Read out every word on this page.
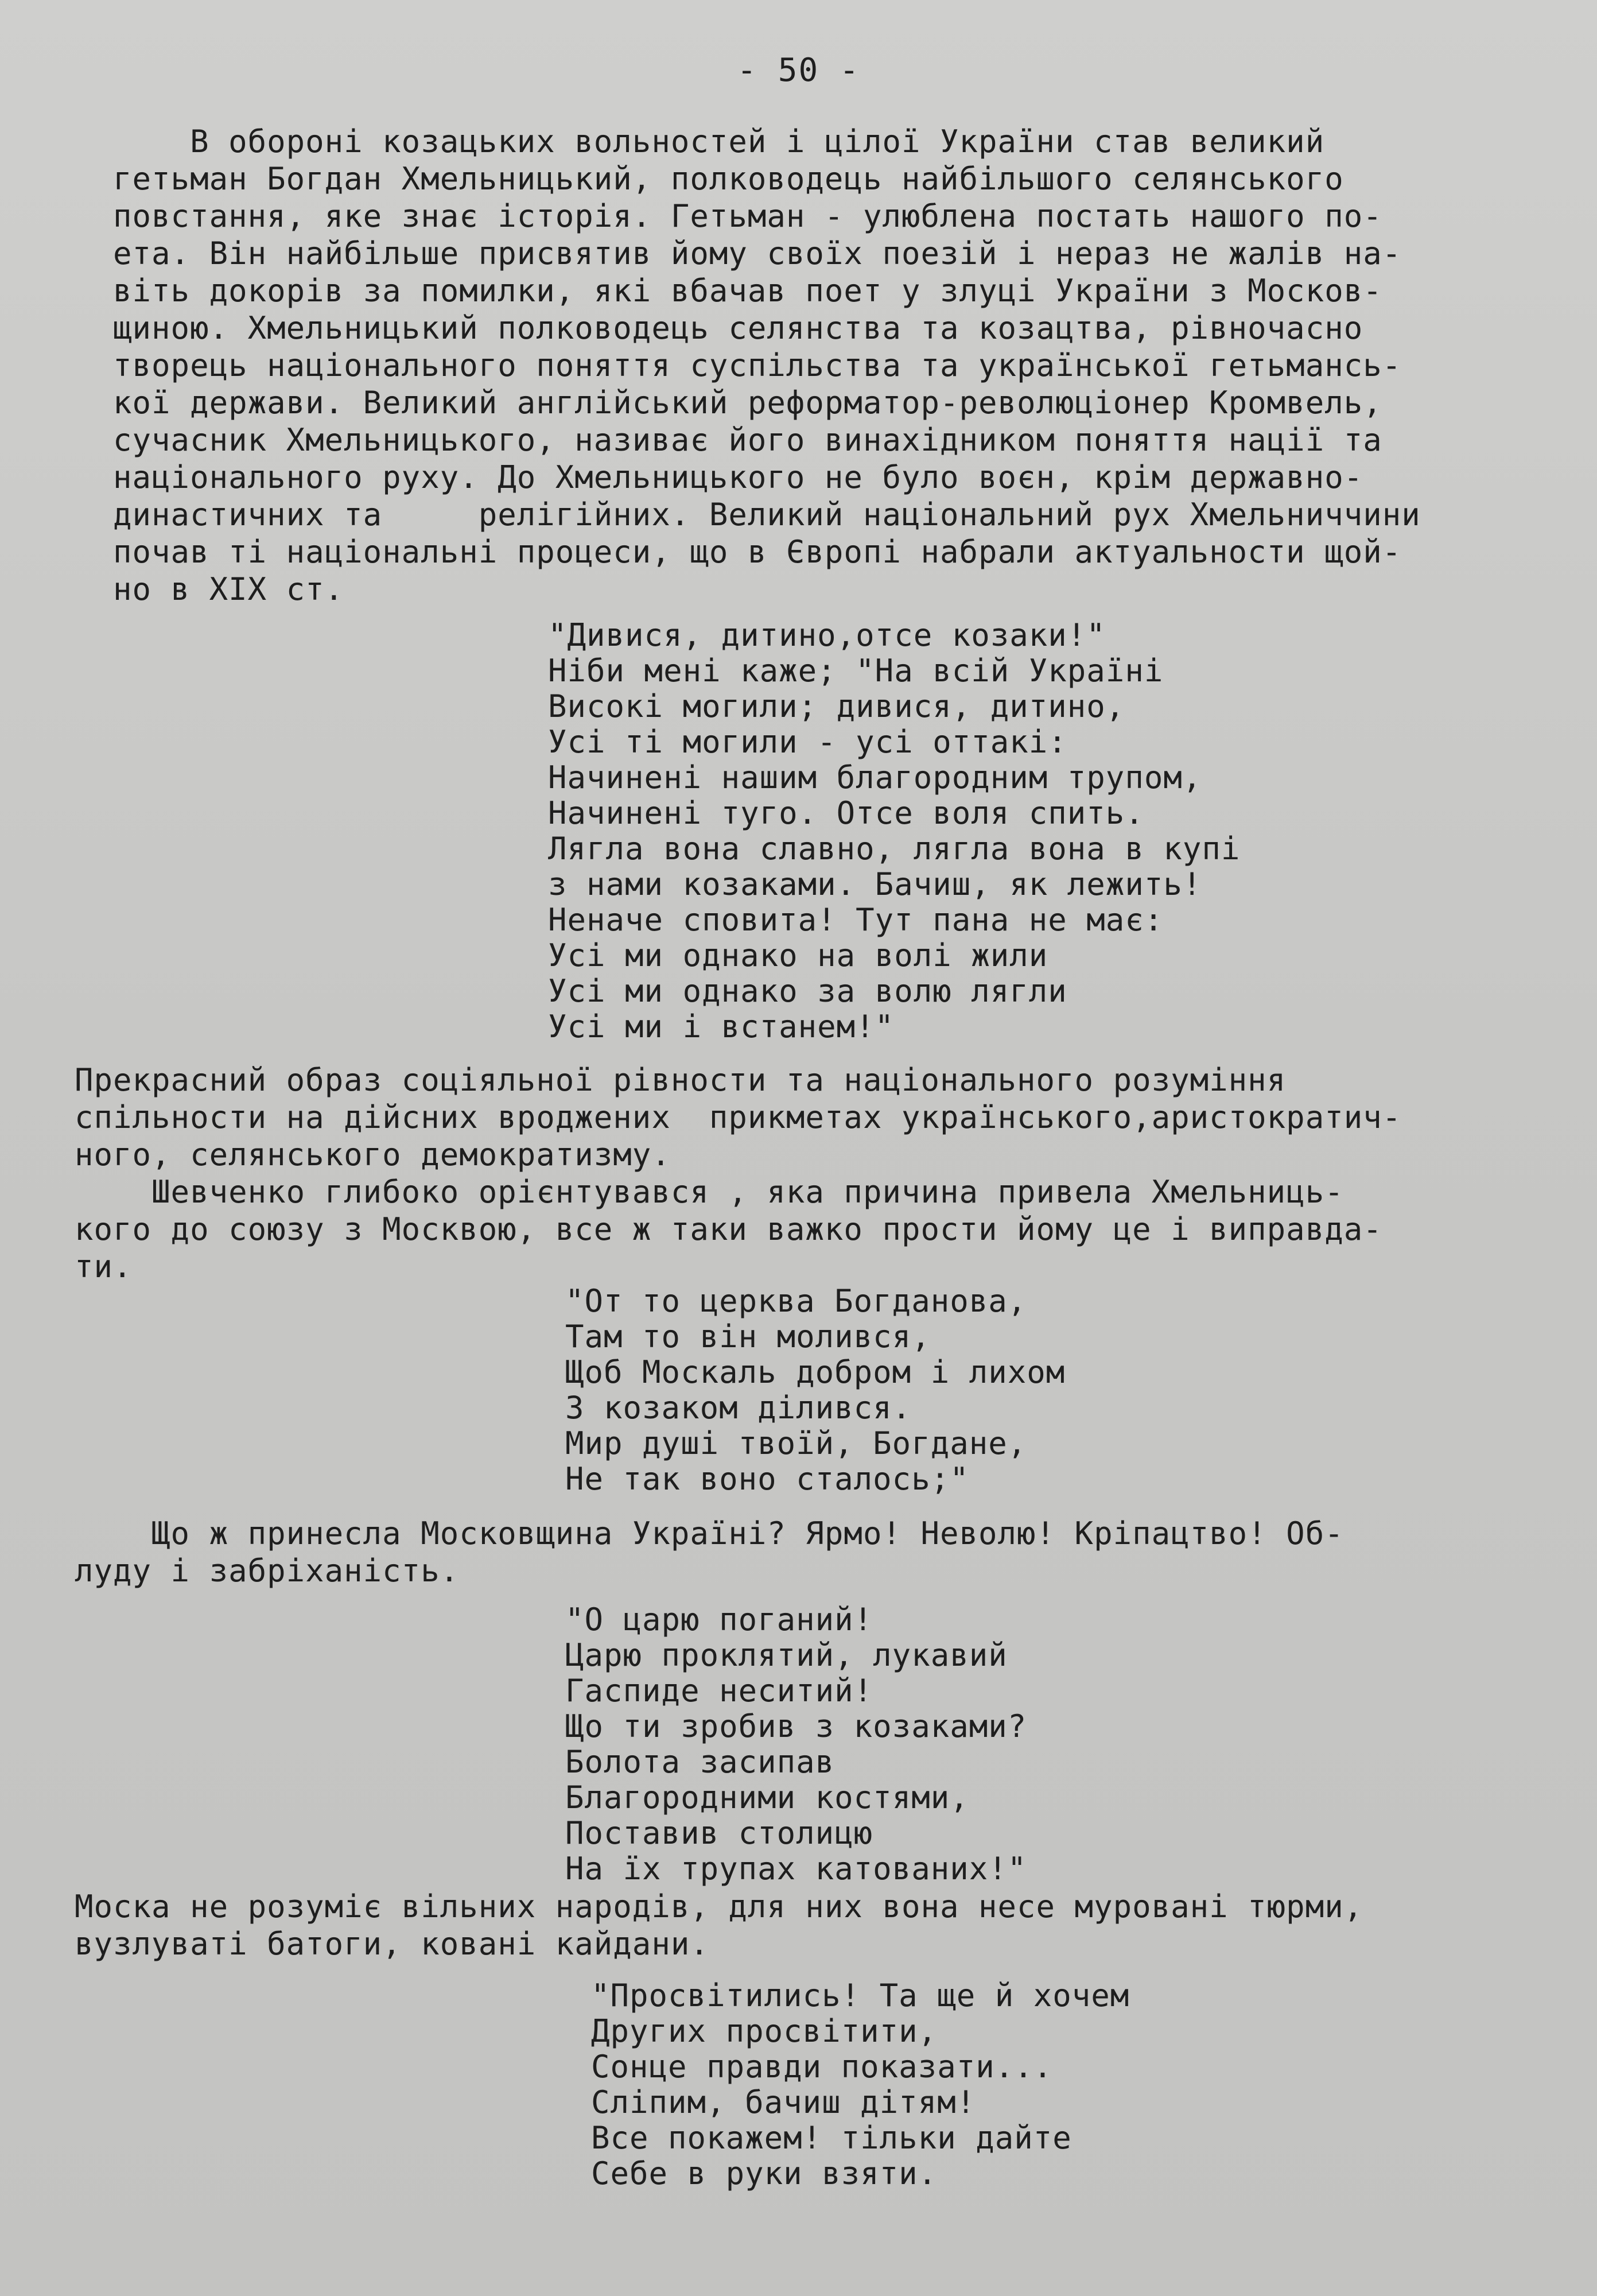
- 50 -
В обороні козацьких вольностей і цілої України став великий
гетьман Богдан Хмельницький, полководець найбільшого селянського
повстання, яке знає історія. Гетьман - улюблена постать нашого по-
ета. Він найбільше присвятив йому своїх поезій і нераз не жалів на-
віть докорів за помилки, які вбачав поет у злуці України з Москов-
щиною. Хмельницький полководець селянства та козацтва, рівночасно
творець національного поняття суспільства та української гетьмансь-
кої держави. Великий англійський реформатор-революціонер Кромвель,
сучасник Хмельницького, називає його винахідником поняття нації та
національного руху. До Хмельницького не було воєн, крім державно-
династичних та     релігійних. Великий національний рух Хмельниччини
почав ті національні процеси, що в Європі набрали актуальности щой-
но в XIX ст.
"Дивися, дитино,отсе козаки!"
Ніби мені каже; "На всій Україні
Високі могили; дивися, дитино,
Усі ті могили - усі оттакі:
Начинені нашим благородним трупом,
Начинені туго. Отсе воля спить.
Лягла вона славно, лягла вона в купі
з нами козаками. Бачиш, як лежить!
Неначе сповита! Тут пана не має:
Усі ми однако на волі жили
Усі ми однако за волю лягли
Усі ми і встанем!"
Прекрасний образ соціяльної рівности та національного розуміння
спільности на дійсних вроджених  прикметах українського,аристократич-
ного, селянського демократизму.
Шевченко глибоко орієнтувався , яка причина привела Хмельниць-
кого до союзу з Москвою, все ж таки важко прости йому це і виправда-
ти.
"От то церква Богданова,
Там то він молився,
Щоб Москаль добром і лихом
З козаком ділився.
Мир душі твоїй, Богдане,
Не так воно сталось;"
Що ж принесла Московщина Україні? Ярмо! Неволю! Кріпацтво! Об-
луду і забріханість.
"О царю поганий!
Царю проклятий, лукавий
Гаспиде неситий!
Що ти зробив з козаками?
Болота засипав
Благородними костями,
Поставив столицю
На їх трупах катованих!"
Моска не розуміє вільних народів, для них вона несе муровані тюрми,
вузлуваті батоги, ковані кайдани.
"Просвітились! Та ще й хочем
Других просвітити,
Сонце правди показати...
Сліпим, бачиш дітям!
Все покажем! тільки дайте
Себе в руки взяти.
